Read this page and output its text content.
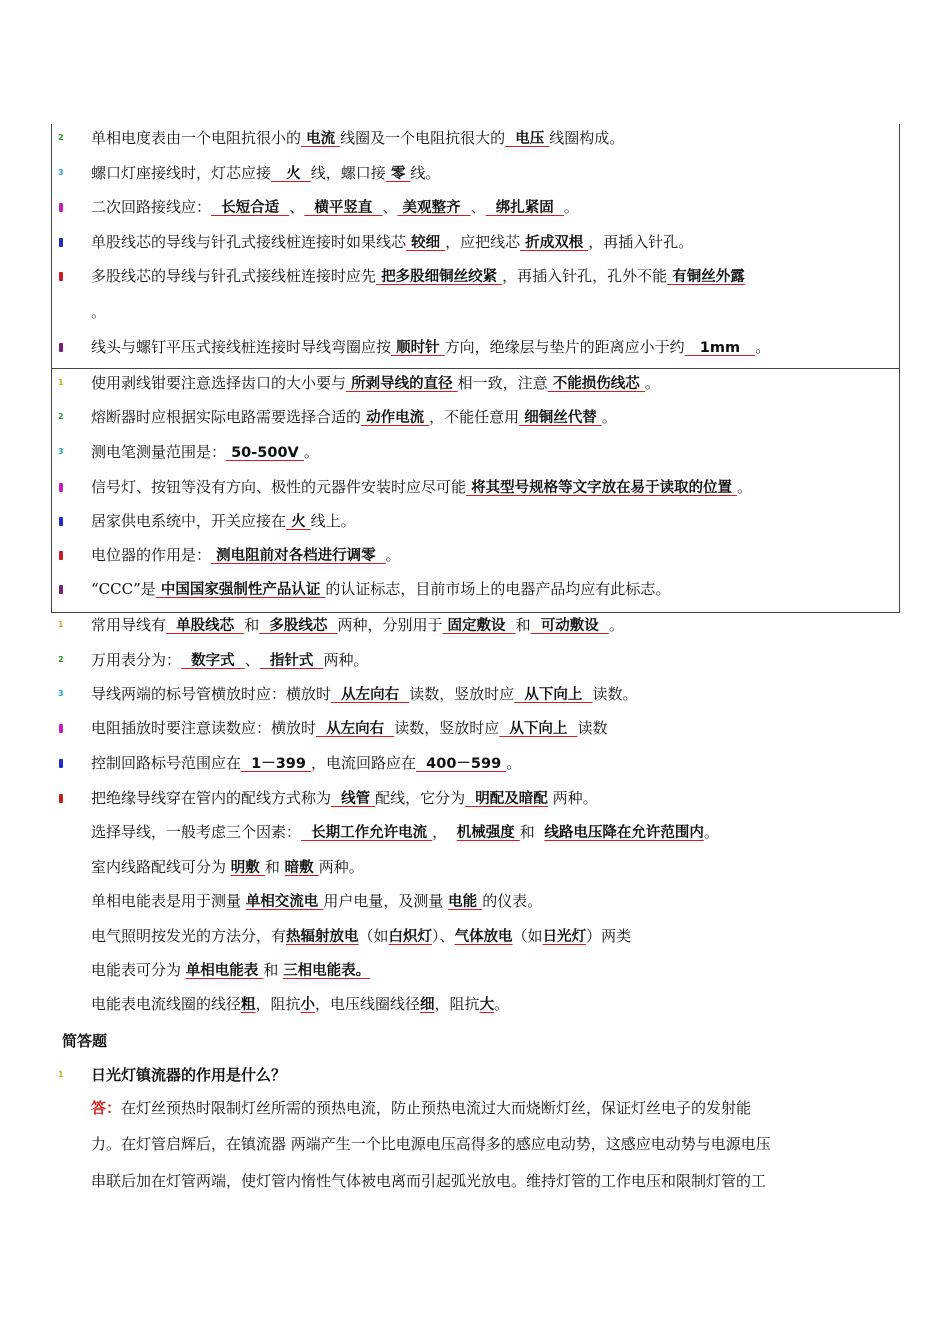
2 单相电度表由一个电阻抗很小的 电流 线圈及一个电阻抗很大的  电压 线圈构成。
3 螺口灯座接线时，灯芯应接   火  线，螺口接 零 线。
二次回路接线应：  长短合适  、  横平竖直  、 美观整齐  、  绑扎紧固  。
单股线芯的导线与针孔式接线桩连接时如果线芯 较细 ，应把线芯 折成双根 ，再插入针孔。
多股线芯的导线与针孔式接线桩连接时应先 把多股细铜丝绞紧 ，再插入针孔，孔外不能 有铜丝外露
。
线头与螺钉平压式接线桩连接时导线弯圈应按 顺时针 方向，绝缘层与垫片的距离应小于约   1mm   。
1 使用剥线钳要注意选择齿口的大小要与 所剥导线的直径 相一致，注意 不能损伤线芯 。
2 熔断器时应根据实际电路需要选择合适的 动作电流 ，不能任意用 细铜丝代替 。
3 测电笔测量范围是： 50-500V 。
信号灯、按钮等没有方向、极性的元器件安装时应尽可能 将其型号规格等文字放在易于读取的位置 。
居家供电系统中，开关应接在 火 线上。
电位器的作用是： 测电阻前对各档进行调零  。
“CCC”是 中国国家强制性产品认证 的认证标志，目前市场上的电器产品均应有此标志。
1 常用导线有  单股线芯  和  多股线芯  两种，分别用于 固定敷设  和  可动敷设  。
2 万用表分为：  数字式  、  指针式  两种。
3 导线两端的标号管横放时应：横放时  从左向右  读数，竖放时应  从下向上  读数。
电阻插放时要注意读数应：横放时  从左向右  读数，竖放时应  从下向上  读数
控制回路标号范围应在  1－399 ，电流回路应在  400－599 。
把绝缘导线穿在管内的配线方式称为  线管 配线，它分为  明配及暗配 两种。
选择导线，一般考虑三个因素：  长期工作允许电流 ，  机械强度 和  线路电压降在允许范围内。
室内线路配线可分为 明敷 和 暗敷 两种。
单相电能表是用于测量 单相交流电 用户电量，及测量 电能 的仪表。
电气照明按发光的方法分，有热辐射放电（如白炽灯）、气体放电（如日光灯）两类
电能表可分为 单相电能表 和 三相电能表。
电能表电流线圈的线径粗，阻抗小，电压线圈线径细，阻抗大。
简答题
1 日光灯镇流器的作用是什么？
答：在灯丝预热时限制灯丝所需的预热电流，防止预热电流过大而烧断灯丝，保证灯丝电子的发射能
力。在灯管启辉后，在镇流器 两端产生一个比电源电压高得多的感应电动势，这感应电动势与电源电压
串联后加在灯管两端，使灯管内惰性气体被电离而引起弧光放电。维持灯管的工作电压和限制灯管的工
